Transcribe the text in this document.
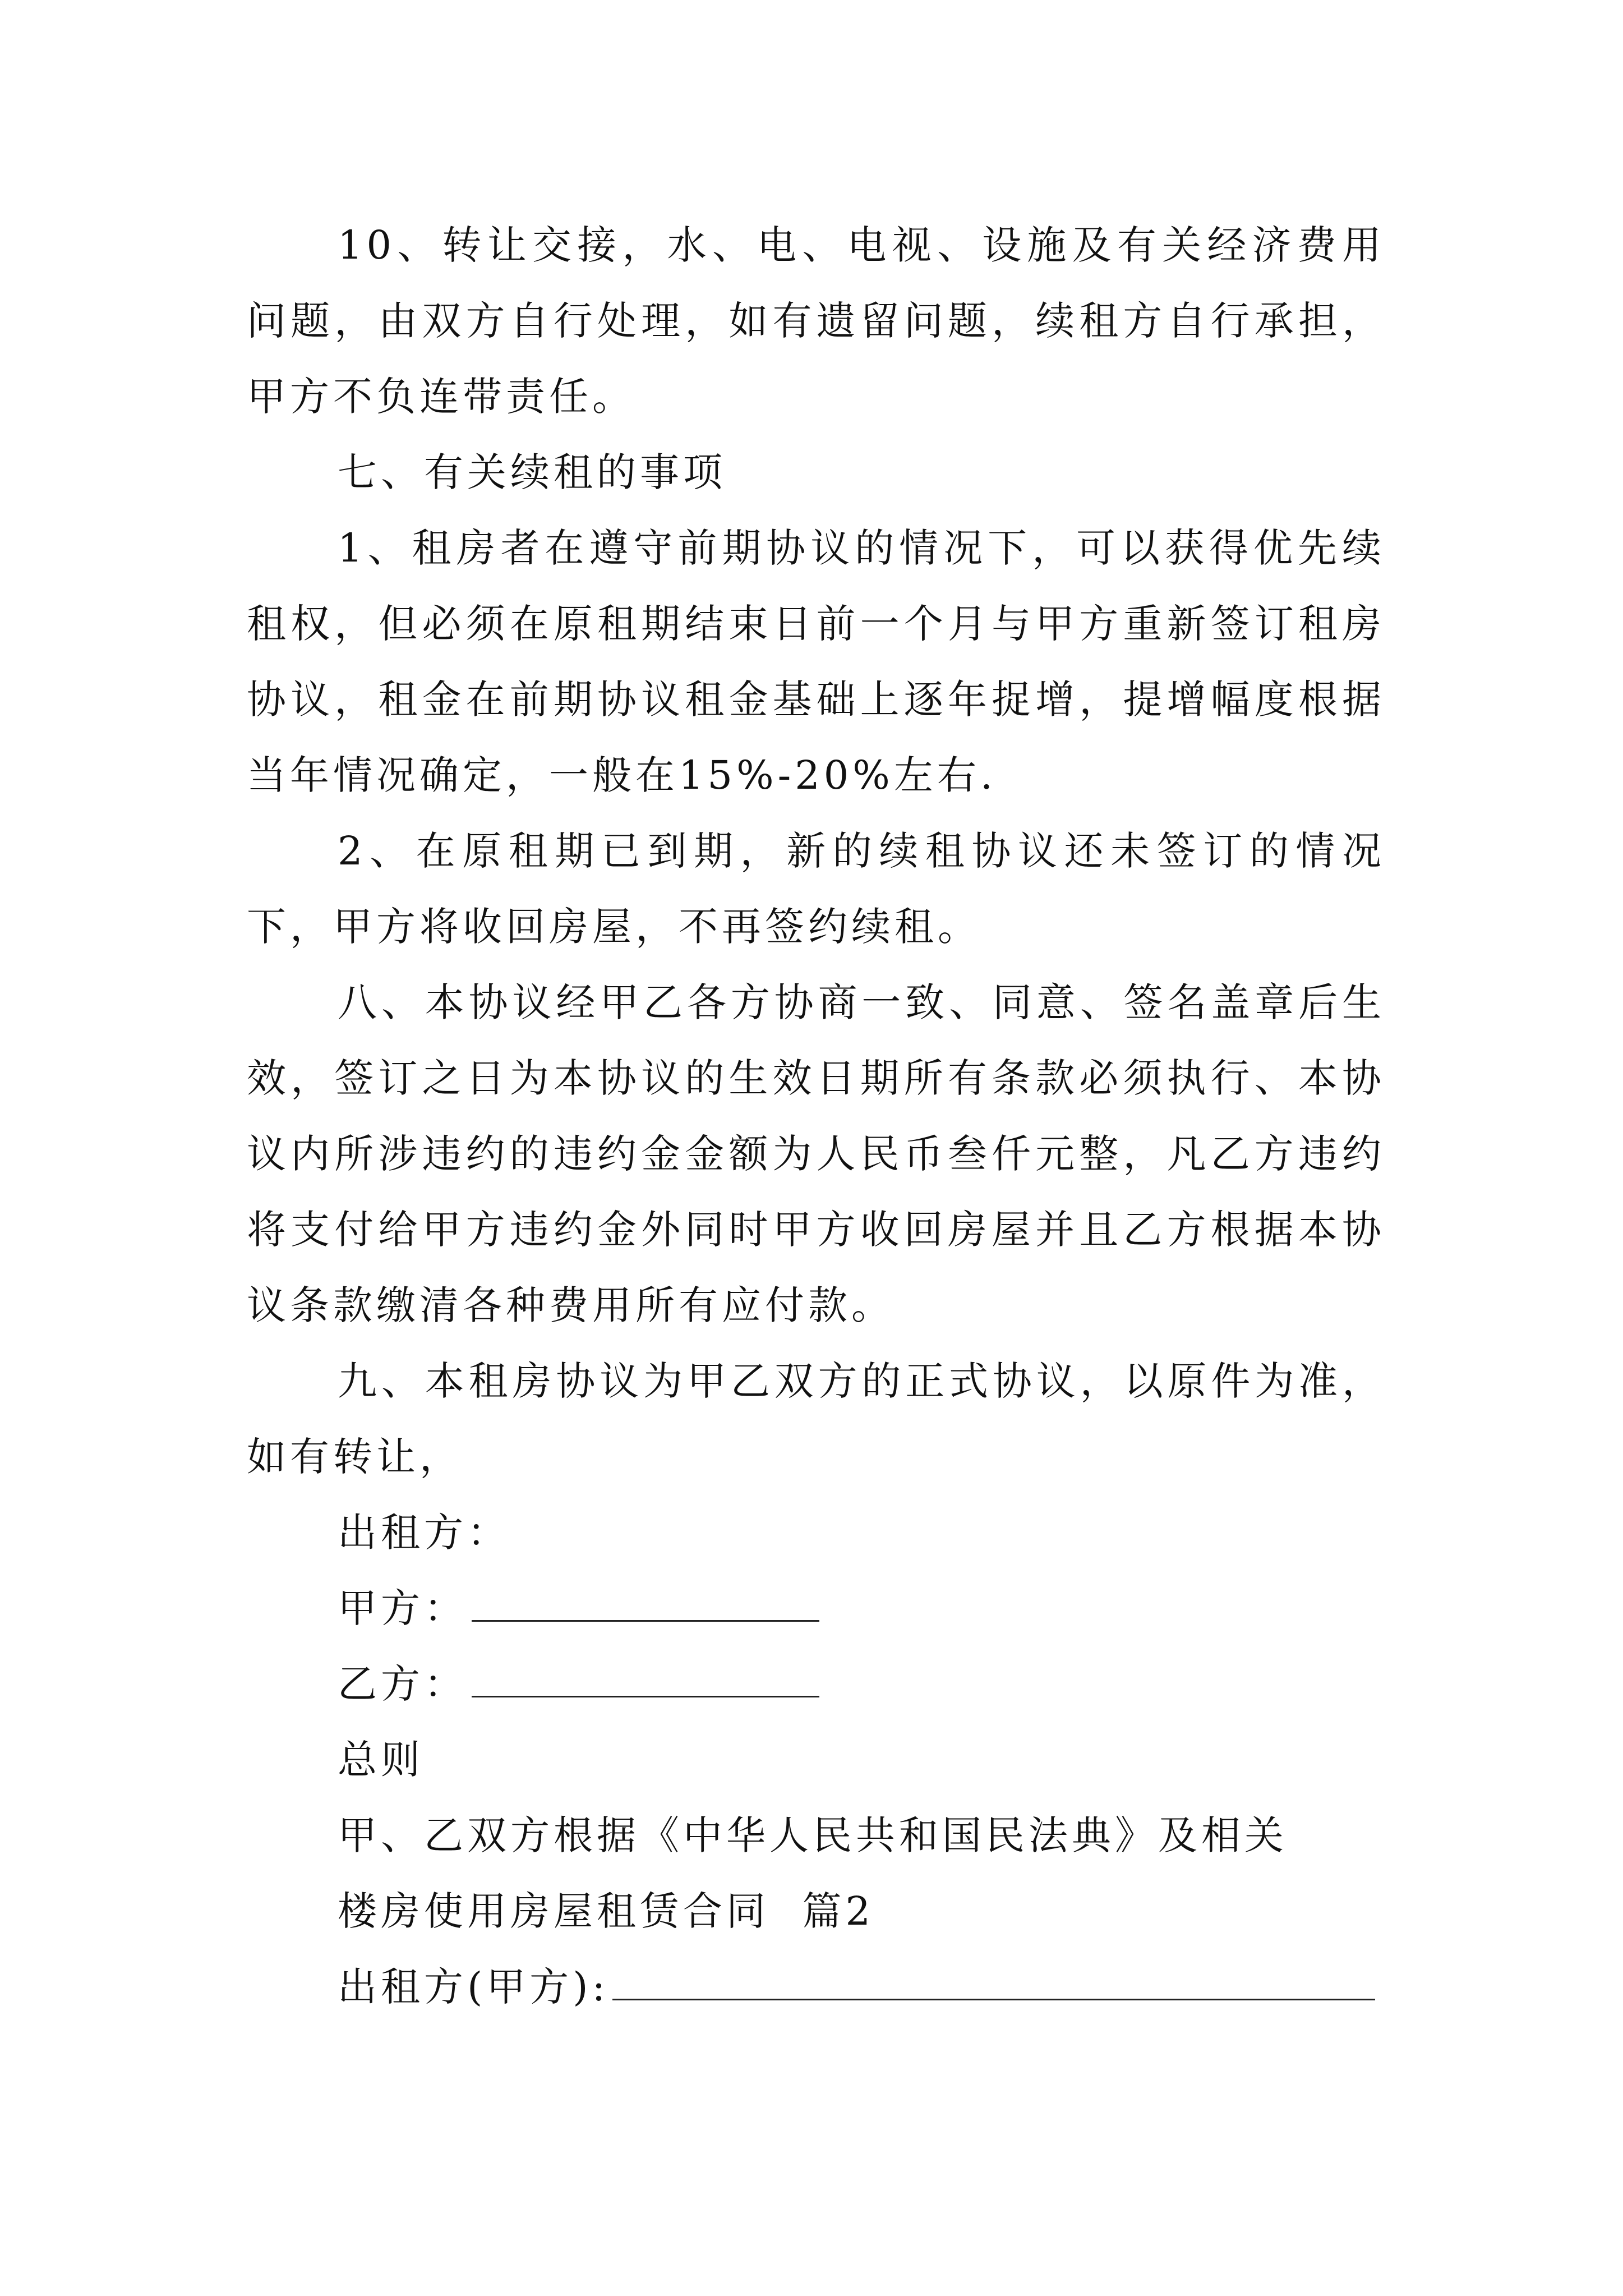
10、转让交接，水、电、电视、设施及有关经济费用问题，由双方自行处理，如有遗留问题，续租方自行承担，甲方不负连带责任。

七、有关续租的事项

1、租房者在遵守前期协议的情况下，可以获得优先续租权，但必须在原租期结束日前一个月与甲方重新签订租房协议，租金在前期协议租金基础上逐年捉增，提增幅度根据当年情况确定，一般在15%-20%左右.

2、在原租期已到期，新的续租协议还未签订的情况下，甲方将收回房屋，不再签约续租。

八、本协议经甲乙各方协商一致、同意、签名盖章后生效，签订之日为本协议的生效日期所有条款必须执行、本协议内所涉违约的违约金金额为人民币叁仟元整，凡乙方违约将支付给甲方违约金外同时甲方收回房屋并且乙方根据本协议条款缴清各种费用所有应付款。

九、本租房协议为甲乙双方的正式协议，以原件为准，如有转让，

出租方：
甲方：
乙方：
总则
甲、乙双方根据《中华人民共和国民法典》及相关
楼房使用房屋租赁合同  篇2
出租方(甲方):
